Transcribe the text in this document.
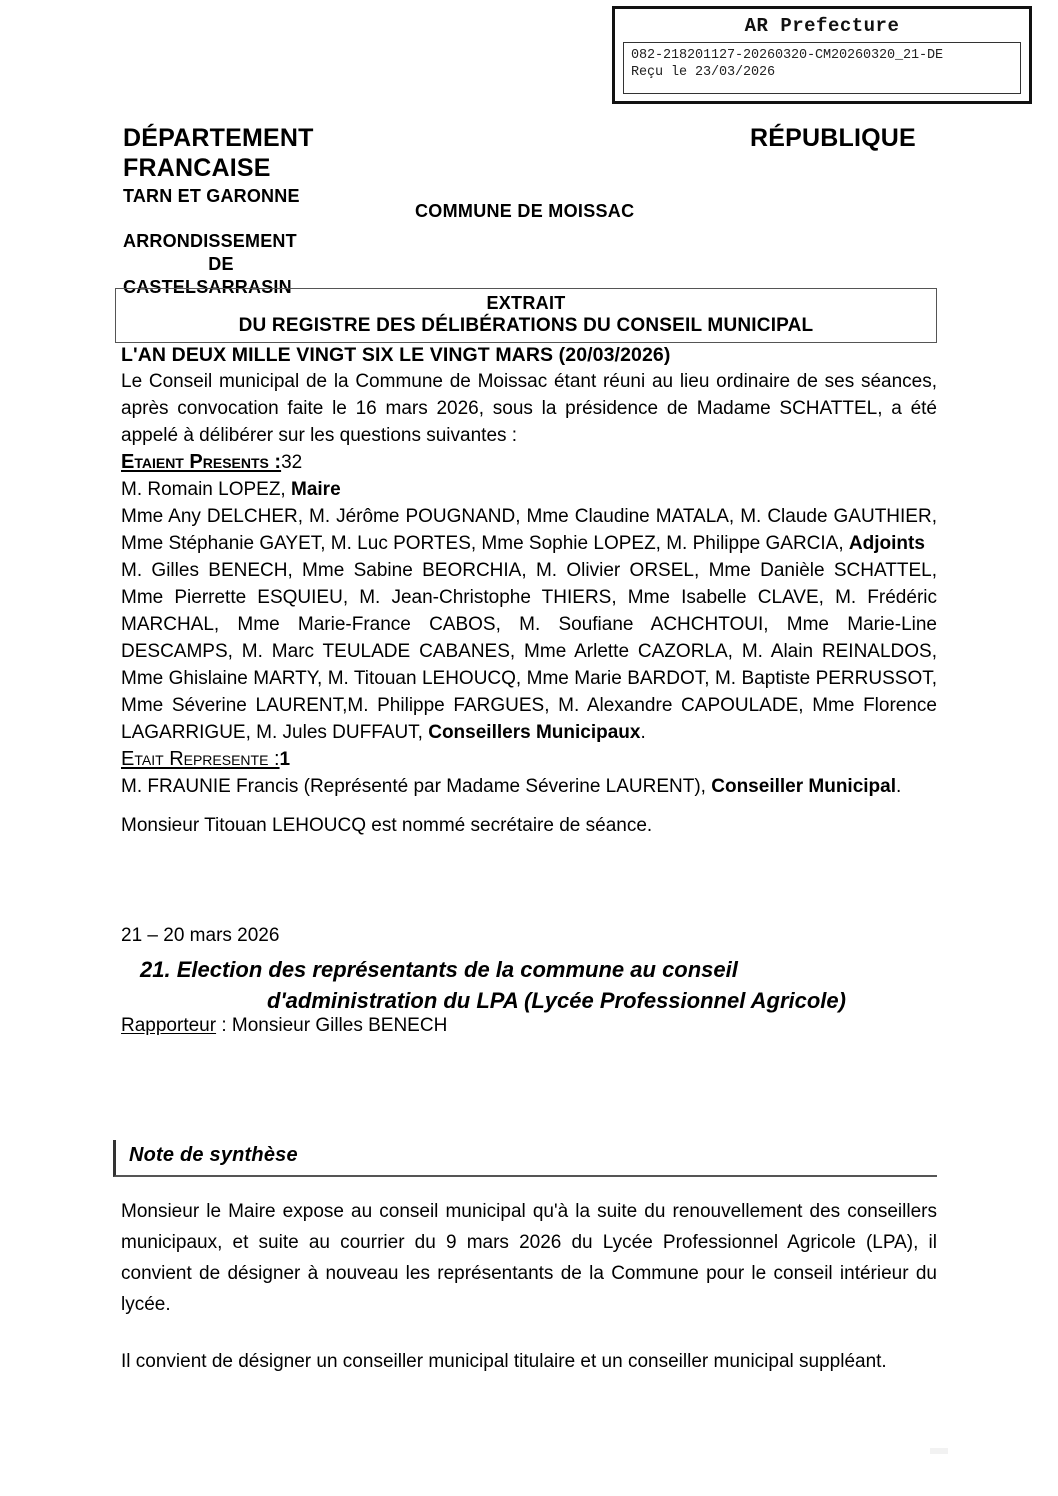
AR Prefecture
082-218201127-20260320-CM20260320_21-DE
Reçu le 23/03/2026
DÉPARTEMENT
FRANCAISE
TARN ET GARONNE
ARRONDISSEMENT
DE
CASTELSARRASIN
RÉPUBLIQUE
COMMUNE DE MOISSAC
EXTRAIT
DU REGISTRE DES DÉLIBÉRATIONS DU CONSEIL MUNICIPAL
L'AN DEUX MILLE VINGT SIX LE VINGT MARS (20/03/2026)
Le Conseil municipal de la Commune de Moissac étant réuni au lieu ordinaire de ses séances, après convocation faite le 16 mars 2026, sous la présidence de Madame SCHATTEL, a été appelé à délibérer sur les questions suivantes :
Etaient Presents :32
M. Romain LOPEZ, Maire
Mme Any DELCHER, M. Jérôme POUGNAND, Mme Claudine MATALA, M. Claude GAUTHIER, Mme Stéphanie GAYET, M. Luc PORTES, Mme Sophie LOPEZ, M. Philippe GARCIA, Adjoints
M. Gilles BENECH, Mme Sabine BEORCHIA, M. Olivier ORSEL, Mme Danièle SCHATTEL, Mme Pierrette ESQUIEU, M. Jean-Christophe THIERS, Mme Isabelle CLAVE, M. Frédéric MARCHAL, Mme Marie-France CABOS, M. Soufiane ACHCHTOUI, Mme Marie-Line DESCAMPS, M. Marc TEULADE CABANES, Mme Arlette CAZORLA, M. Alain REINALDOS, Mme Ghislaine MARTY, M. Titouan LEHOUCQ, Mme Marie BARDOT, M. Baptiste PERRUSSOT, Mme Séverine LAURENT,M. Philippe FARGUES, M. Alexandre CAPOULADE, Mme Florence LAGARRIGUE, M. Jules DUFFAUT, Conseillers Municipaux.
Etait Represente :1
M. FRAUNIE Francis (Représenté par Madame Séverine LAURENT), Conseiller Municipal.
Monsieur Titouan LEHOUCQ est nommé secrétaire de séance.
21 – 20 mars 2026
21. Election des représentants de la commune au conseil
d'administration du LPA (Lycée Professionnel Agricole)
Rapporteur : Monsieur Gilles BENECH
Note de synthèse

Monsieur le Maire expose au conseil municipal qu'à la suite du renouvellement des conseillers municipaux, et suite au courrier du 9 mars 2026 du Lycée Professionnel Agricole (LPA), il convient de désigner à nouveau les représentants de la Commune pour le conseil intérieur du lycée.

Il convient de désigner un conseiller municipal titulaire et un conseiller municipal suppléant.
